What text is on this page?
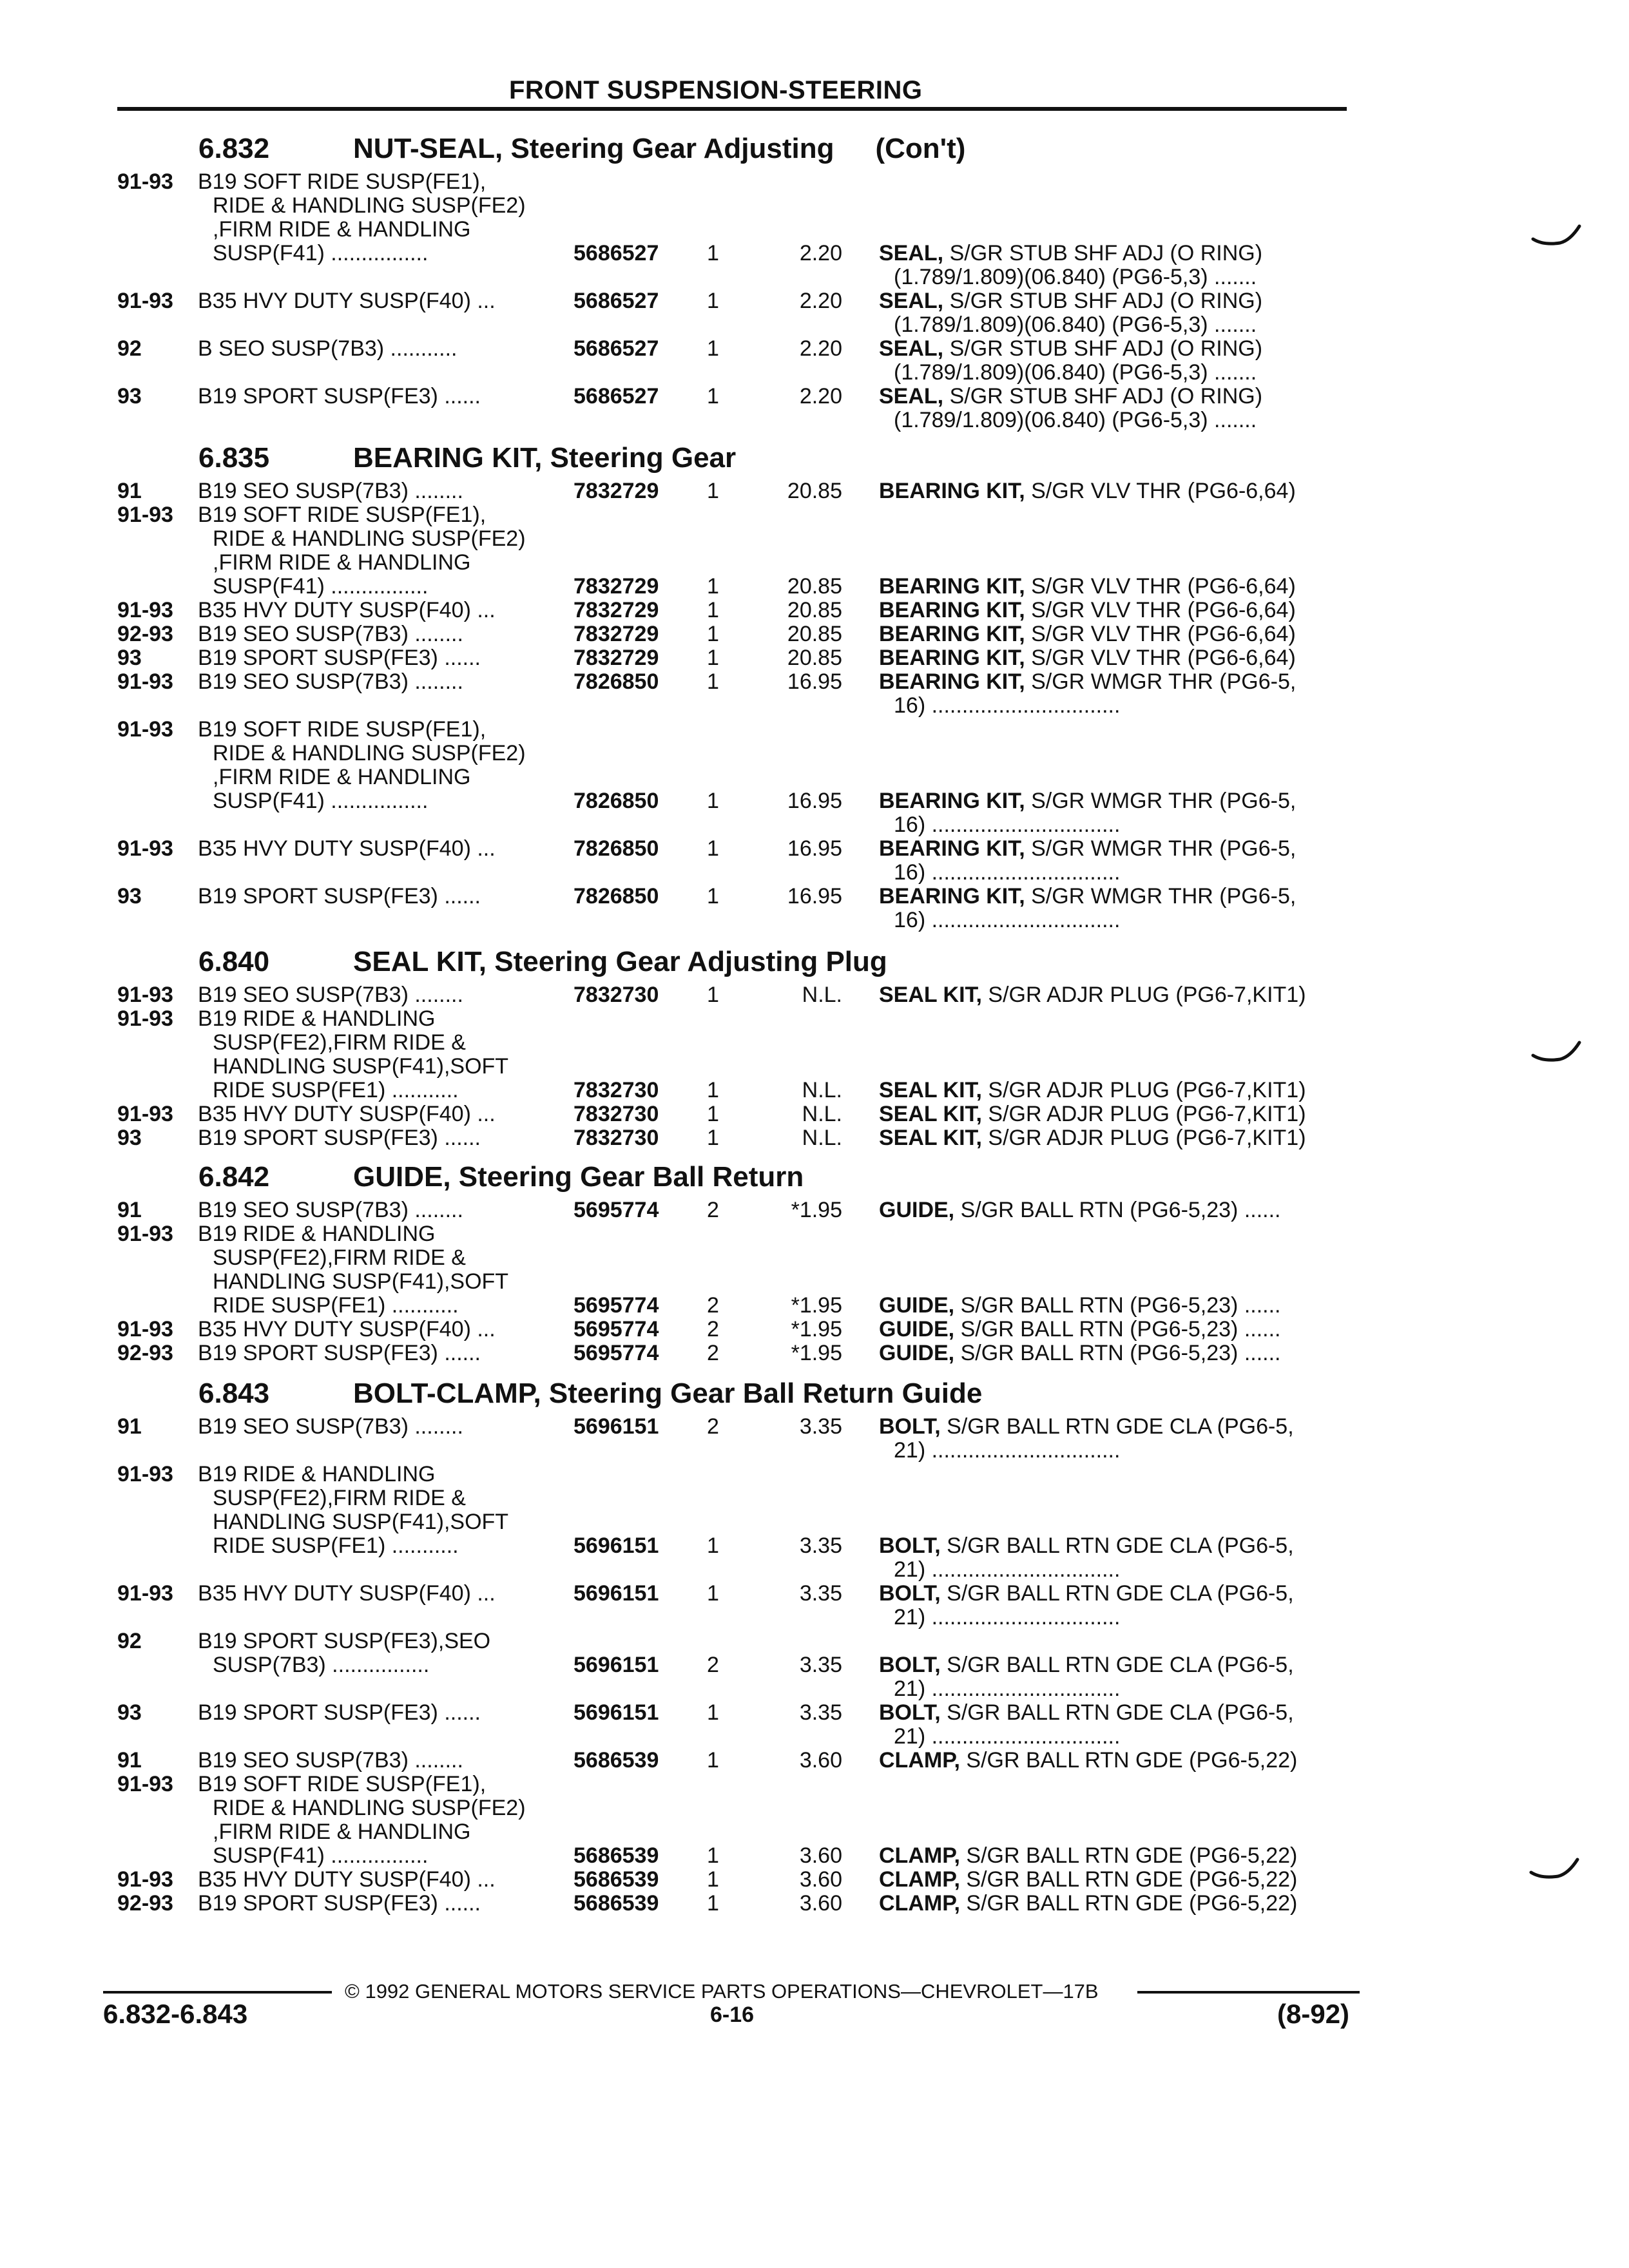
FRONT SUSPENSION-STEERING
6.832	NUT-SEAL, Steering Gear Adjusting (Con't)
91-93 B19 SOFT RIDE SUSP(FE1),
RIDE & HANDLING SUSP(FE2)
,FIRM RIDE & HANDLING
SUSP(F41) ................	5686527 1	2.20 SEAL, S/GR STUB SHF ADJ (O RING)
(1.789/1.809)(06.840) (PG6-5,3) .......
91-93 B35 HVY DUTY SUSP(F40) ...	5686527 1	2.20 SEAL, S/GR STUB SHF ADJ (O RING)
(1.789/1.809)(06.840) (PG6-5,3) .......
92	B SEO SUSP(7B3) ...........	5686527 1	2.20 SEAL, S/GR STUB SHF ADJ (O RING)
(1.789/1.809)(06.840) (PG6-5,3) .......
93	B19 SPORT SUSP(FE3) ......	5686527 1	2.20 SEAL, S/GR STUB SHF ADJ (O RING)
(1.789/1.809)(06.840) (PG6-5,3) .......
6.835	BEARING KIT, Steering Gear
91	B19 SEO SUSP(7B3) ........	7832729 1	20.85 BEARING KIT, S/GR VLV THR (PG6-6,64)
91-93 B19 SOFT RIDE SUSP(FE1),
RIDE & HANDLING SUSP(FE2)
,FIRM RIDE & HANDLING
SUSP(F41) ................	7832729 1	20.85 BEARING KIT, S/GR VLV THR (PG6-6,64)
91-93 B35 HVY DUTY SUSP(F40) ...	7832729 1	20.85 BEARING KIT, S/GR VLV THR (PG6-6,64)
92-93 B19 SEO SUSP(7B3) ........	7832729 1	20.85 BEARING KIT, S/GR VLV THR (PG6-6,64)
93	B19 SPORT SUSP(FE3) ......	7832729 1	20.85 BEARING KIT, S/GR VLV THR (PG6-6,64)
91-93 B19 SEO SUSP(7B3) ........	7826850 1	16.95 BEARING KIT, S/GR WMGR THR (PG6-5,
16) ...............................
91-93 B19 SOFT RIDE SUSP(FE1),
RIDE & HANDLING SUSP(FE2)
,FIRM RIDE & HANDLING
SUSP(F41) ................	7826850 1	16.95 BEARING KIT, S/GR WMGR THR (PG6-5,
16) ...............................
91-93 B35 HVY DUTY SUSP(F40) ...	7826850 1	16.95 BEARING KIT, S/GR WMGR THR (PG6-5,
16) ...............................
93	B19 SPORT SUSP(FE3) ......	7826850 1	16.95 BEARING KIT, S/GR WMGR THR (PG6-5,
16) ...............................
6.840	SEAL KIT, Steering Gear Adjusting Plug
91-93 B19 SEO SUSP(7B3) ........	7832730 1	N.L. SEAL KIT, S/GR ADJR PLUG (PG6-7,KIT1)
91-93 B19 RIDE & HANDLING
SUSP(FE2),FIRM RIDE &
HANDLING SUSP(F41),SOFT
RIDE SUSP(FE1) ...........	7832730 1	N.L. SEAL KIT, S/GR ADJR PLUG (PG6-7,KIT1)
91-93 B35 HVY DUTY SUSP(F40) ...	7832730 1	N.L. SEAL KIT, S/GR ADJR PLUG (PG6-7,KIT1)
93	B19 SPORT SUSP(FE3) ......	7832730 1	N.L. SEAL KIT, S/GR ADJR PLUG (PG6-7,KIT1)
6.842	GUIDE, Steering Gear Ball Return
91	B19 SEO SUSP(7B3) ........	5695774 2	*1.95 GUIDE, S/GR BALL RTN (PG6-5,23) ......
91-93 B19 RIDE & HANDLING
SUSP(FE2),FIRM RIDE &
HANDLING SUSP(F41),SOFT
RIDE SUSP(FE1) ...........	5695774 2	*1.95 GUIDE, S/GR BALL RTN (PG6-5,23) ......
91-93 B35 HVY DUTY SUSP(F40) ...	5695774 2	*1.95 GUIDE, S/GR BALL RTN (PG6-5,23) ......
92-93 B19 SPORT SUSP(FE3) ......	5695774 2	*1.95 GUIDE, S/GR BALL RTN (PG6-5,23) ......
6.843	BOLT-CLAMP, Steering Gear Ball Return Guide
91	B19 SEO SUSP(7B3) ........	5696151 2	3.35 BOLT, S/GR BALL RTN GDE CLA (PG6-5,
21) ...............................
91-93 B19 RIDE & HANDLING
SUSP(FE2),FIRM RIDE &
HANDLING SUSP(F41),SOFT
RIDE SUSP(FE1) ...........	5696151 1	3.35 BOLT, S/GR BALL RTN GDE CLA (PG6-5,
21) ...............................
91-93 B35 HVY DUTY SUSP(F40) ...	5696151 1	3.35 BOLT, S/GR BALL RTN GDE CLA (PG6-5,
21) ...............................
92	B19 SPORT SUSP(FE3),SEO
SUSP(7B3) ................	5696151 2	3.35 BOLT, S/GR BALL RTN GDE CLA (PG6-5,
21) ...............................
93	B19 SPORT SUSP(FE3) ......	5696151 1	3.35 BOLT, S/GR BALL RTN GDE CLA (PG6-5,
21) ...............................
91	B19 SEO SUSP(7B3) ........	5686539 1	3.60 CLAMP, S/GR BALL RTN GDE (PG6-5,22)
91-93 B19 SOFT RIDE SUSP(FE1),
RIDE & HANDLING SUSP(FE2)
,FIRM RIDE & HANDLING
SUSP(F41) ................	5686539 1	3.60 CLAMP, S/GR BALL RTN GDE (PG6-5,22)
91-93 B35 HVY DUTY SUSP(F40) ...	5686539 1	3.60 CLAMP, S/GR BALL RTN GDE (PG6-5,22)
92-93 B19 SPORT SUSP(FE3) ......	5686539 1	3.60 CLAMP, S/GR BALL RTN GDE (PG6-5,22)
© 1992 GENERAL MOTORS SERVICE PARTS OPERATIONS—CHEVROLET—17B
6.832-6.843	6-16	(8-92)
